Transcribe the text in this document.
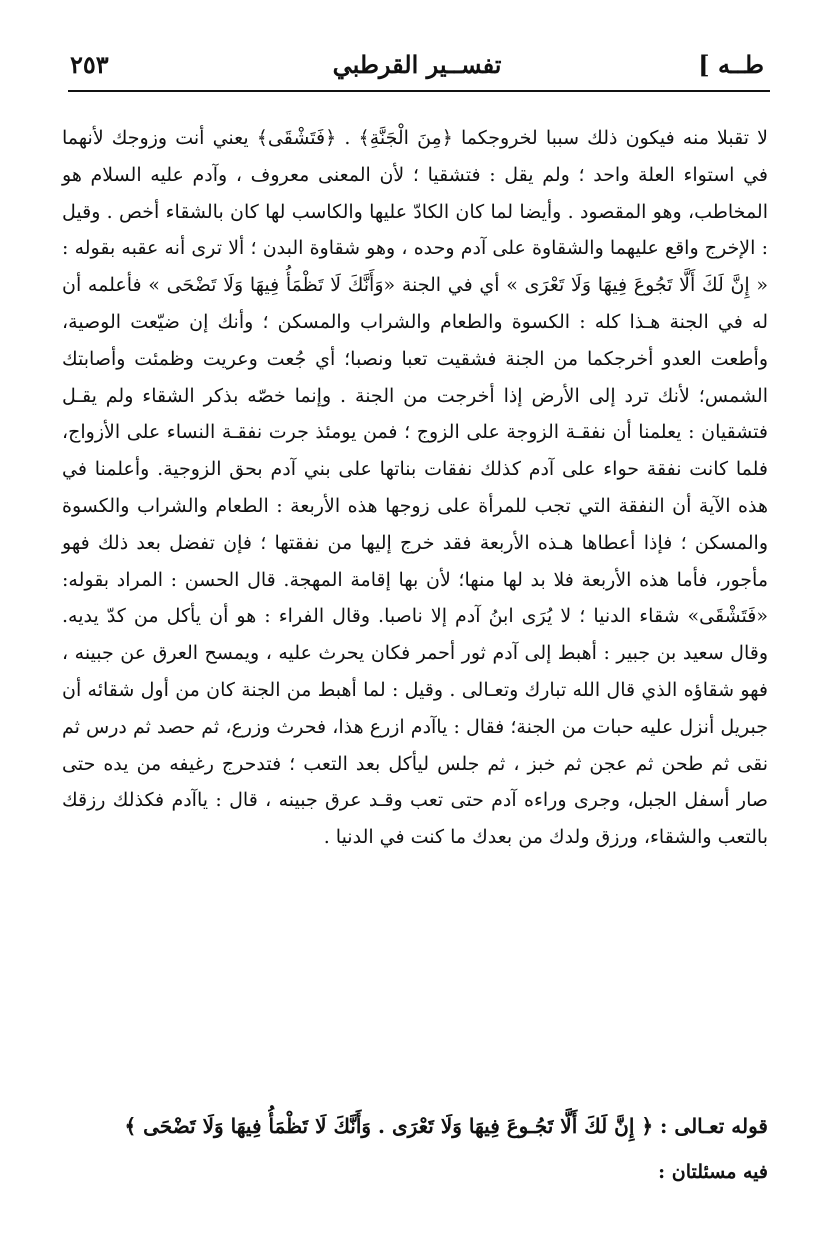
طــه ]
تفســير القرطبي
٢٥٣

لا تقبلا منه فيكون ذلك سببا لخروجكما ﴿مِنَ الْجَنَّةِ﴾ . ﴿فَتَشْقَى﴾ يعني أنت وزوجك لأنهما في استواء العلة واحد ؛ ولم يقل : فتشقيا ؛ لأن المعنى معروف ، وآدم عليه السلام هو المخاطب، وهو المقصود . وأيضا لما كان الكادّ عليها والكاسب لها كان بالشقاء أخص . وقيل : الإخرج واقع عليهما والشقاوة على آدم وحده ، وهو شقاوة البدن ؛ ألا ترى أنه عقبه بقوله : « إِنَّ لَكَ أَلَّا تَجُوعَ فِيهَا وَلَا تَعْرَى » أي في الجنة «وَأَنَّكَ لَا تَظْمَأُ فِيهَا وَلَا تَضْحَى » فأعلمه أن له في الجنة هـذا كله : الكسوة والطعام والشراب والمسكن ؛ وأنك إن ضيّعت الوصية، وأطعت العدو أخرجكما من الجنة فشقيت تعبا ونصبا؛ أي جُعت وعريت وظمئت وأصابتك الشمس؛ لأنك ترد إلى الأرض إذا أخرجت من الجنة . وإنما خصّه بذكر الشقاء ولم يقـل فتشقيان : يعلمنا أن نفقـة الزوجة على الزوج ؛ فمن يومئذ جرت نفقـة النساء على الأزواج، فلما كانت نفقة حواء على آدم كذلك نفقات بناتها على بني آدم بحق الزوجية. وأعلمنا في هذه الآية أن النفقة التي تجب للمرأة على زوجها هذه الأربعة : الطعام والشراب والكسوة والمسكن ؛ فإذا أعطاها هـذه الأربعة فقد خرج إليها من نفقتها ؛ فإن تفضل بعد ذلك فهو مأجور، فأما هذه الأربعة فلا بد لها منها؛ لأن بها إقامة المهجة. قال الحسن : المراد بقوله: «فَتَشْقَى» شقاء الدنيا ؛ لا يُرَى ابنُ آدم إلا ناصبا. وقال الفراء : هو أن يأكل من كدّ يديه. وقال سعيد بن جبير : أهبط إلى آدم ثور أحمر فكان يحرث عليه ، ويمسح العرق عن جبينه ، فهو شقاؤه الذي قال الله تبارك وتعـالى . وقيل : لما أهبط من الجنة كان من أول شقائه أن جبريل أنزل عليه حبات من الجنة؛ فقال : ياآدم ازرع هذا، فحرث وزرع، ثم حصد ثم درس ثم نقى ثم طحن ثم عجن ثم خبز ، ثم جلس ليأكل بعد التعب ؛ فتدحرج رغيفه من يده حتى صار أسفل الجبل، وجرى وراءه آدم حتى تعب وقـد عرق جبينه ، قال : ياآدم فكذلك رزقك بالتعب والشقاء، ورزق ولدك من بعدك ما كنت في الدنيا .

قوله تعـالى : ﴿ إِنَّ لَكَ أَلَّا تَجُـوعَ فِيهَا وَلَا تَعْرَى . وَأَنَّكَ لَا تَظْمَأُ فِيهَا وَلَا تَضْحَى ﴾
فيه مسئلتان :
